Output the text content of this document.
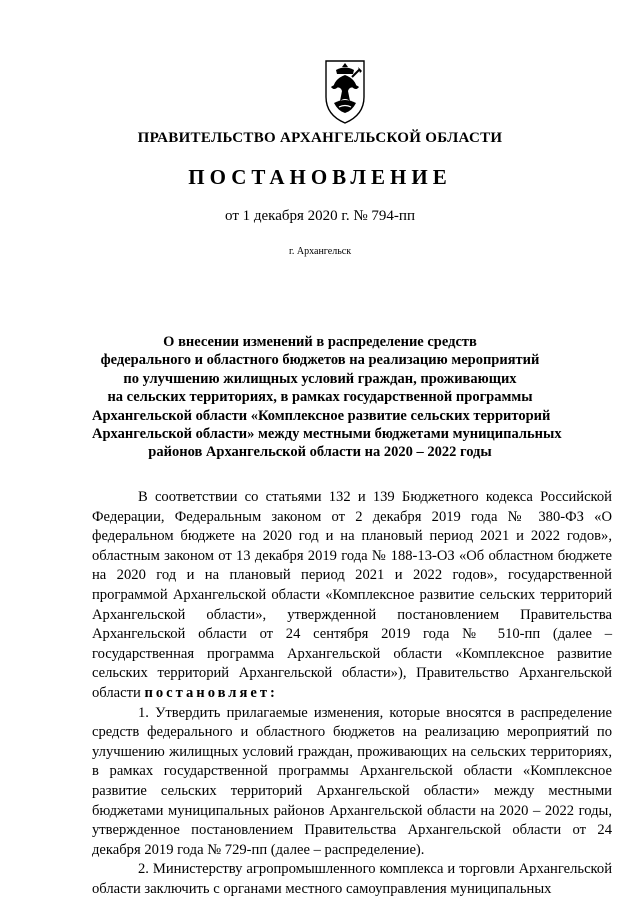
ПРАВИТЕЛЬСТВО АРХАНГЕЛЬСКОЙ ОБЛАСТИ
ПОСТАНОВЛЕНИЕ
от 1 декабря 2020 г. № 794-пп
г. Архангельск
О внесении изменений в распределение средств
федерального и областного бюджетов на реализацию мероприятий
по улучшению жилищных условий граждан, проживающих
на сельских территориях, в рамках государственной программы
Архангельской области «Комплексное развитие сельских территорий
Архангельской области» между местными бюджетами муниципальных
районов Архангельской области на 2020 – 2022 годы

В соответствии со статьями 132 и 139 Бюджетного кодекса Российской Федерации, Федеральным законом от 2 декабря 2019 года № 380-ФЗ «О федеральном бюджете на 2020 год и на плановый период 2021 и 2022 годов», областным законом от 13 декабря 2019 года № 188-13-ОЗ «Об областном бюджете на 2020 год и на плановый период 2021 и 2022 годов», государственной программой Архангельской области «Комплексное развитие сельских территорий Архангельской области», утвержденной постановлением Правительства Архангельской области от 24 сентября 2019 года № 510-пп (далее – государственная программа Архангельской области «Комплексное развитие сельских территорий Архангельской области»), Правительство Архангельской области постановляет:

1. Утвердить прилагаемые изменения, которые вносятся в распределение средств федерального и областного бюджетов на реализацию мероприятий по улучшению жилищных условий граждан, проживающих на сельских территориях, в рамках государственной программы Архангельской области «Комплексное развитие сельских территорий Архангельской области» между местными бюджетами муниципальных районов Архангельской области на 2020 – 2022 годы, утвержденное постановлением Правительства Архангельской области от 24 декабря 2019 года № 729-пп (далее – распределение).

2. Министерству агропромышленного комплекса и торговли Архангельской области заключить с органами местного самоуправления муниципальных
